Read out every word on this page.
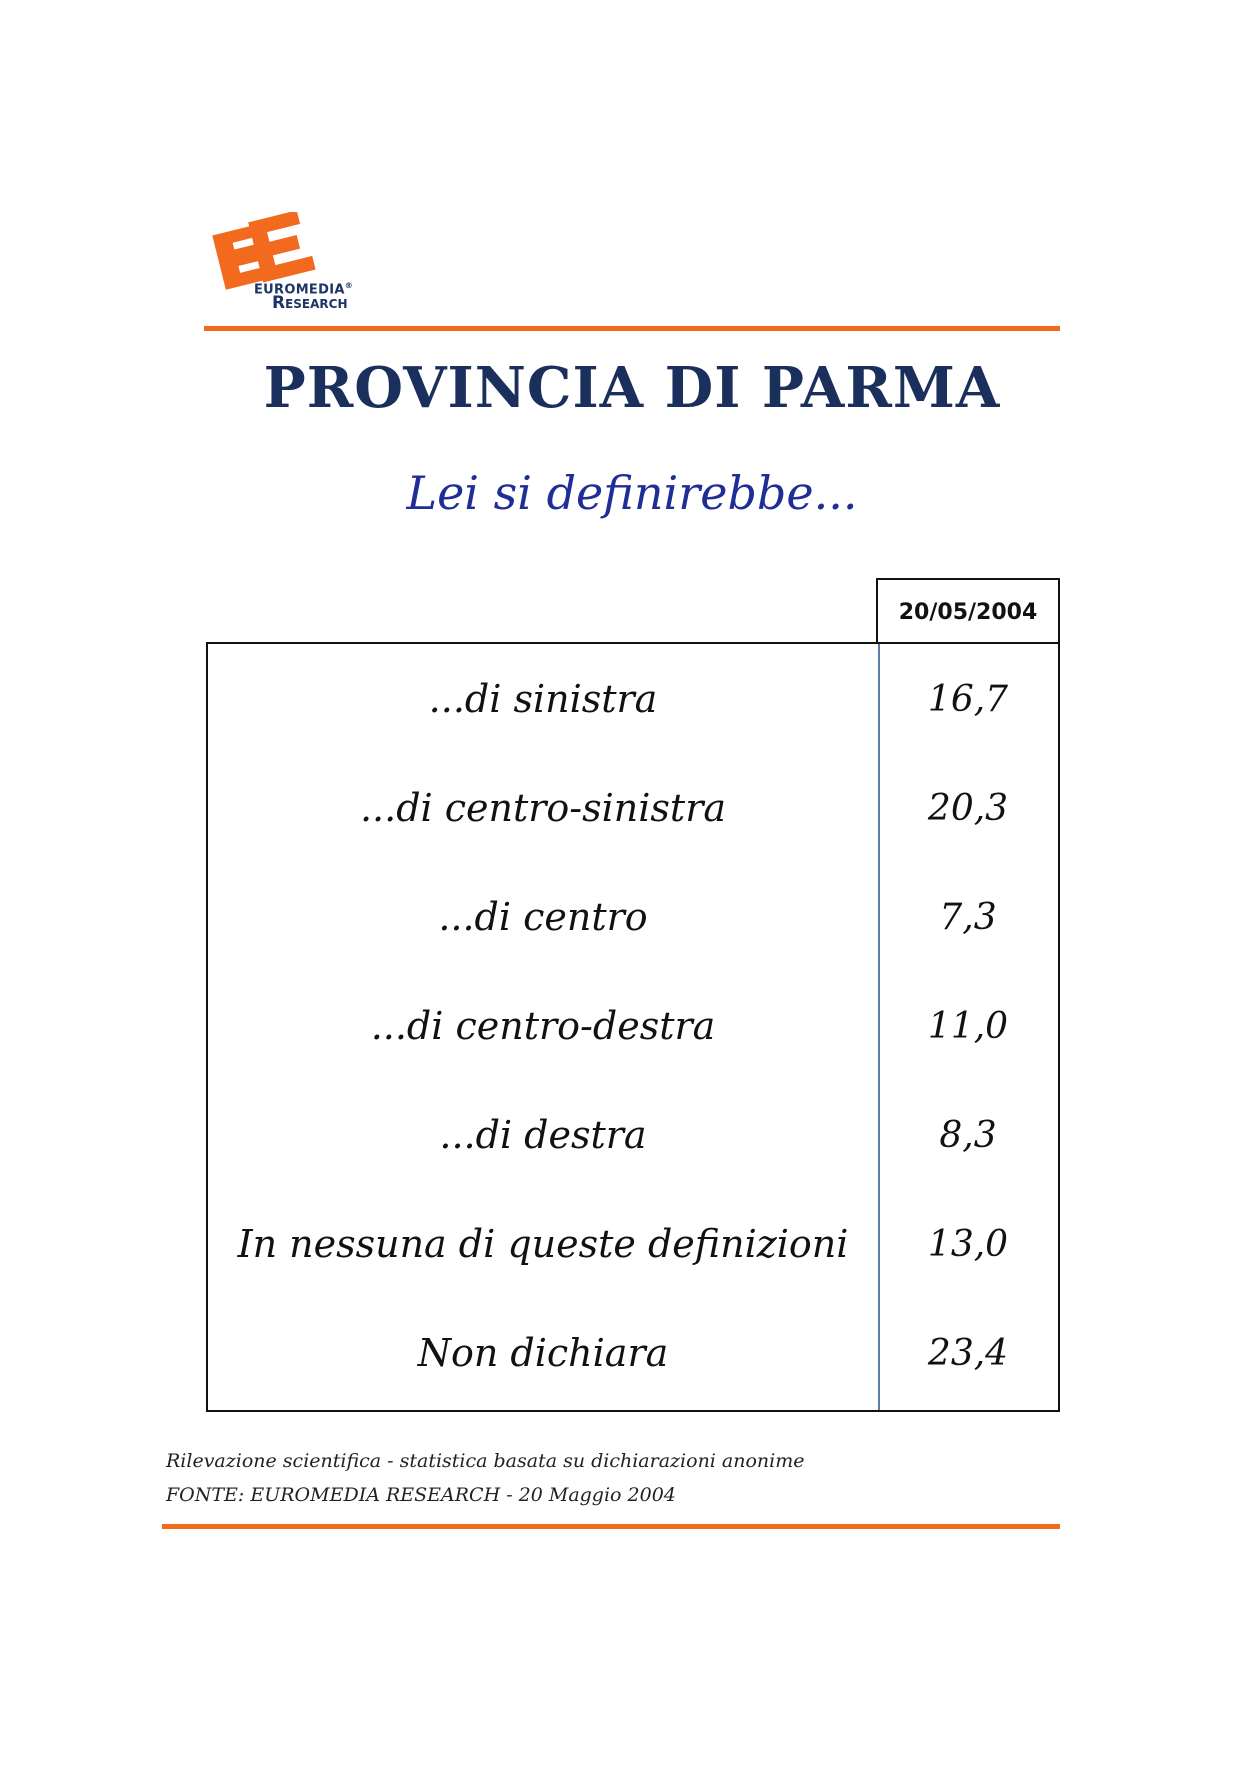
EUROMEDIA®
RESEARCH
PROVINCIA DI PARMA
Lei si definirebbe...
20/05/2004
...di sinistra	16,7
...di centro-sinistra	20,3
...di centro	7,3
...di centro-destra	11,0
...di destra	8,3
In nessuna di queste definizioni	13,0
Non dichiara	23,4
Rilevazione scientifica - statistica basata su dichiarazioni anonime
FONTE: EUROMEDIA RESEARCH - 20 Maggio 2004
